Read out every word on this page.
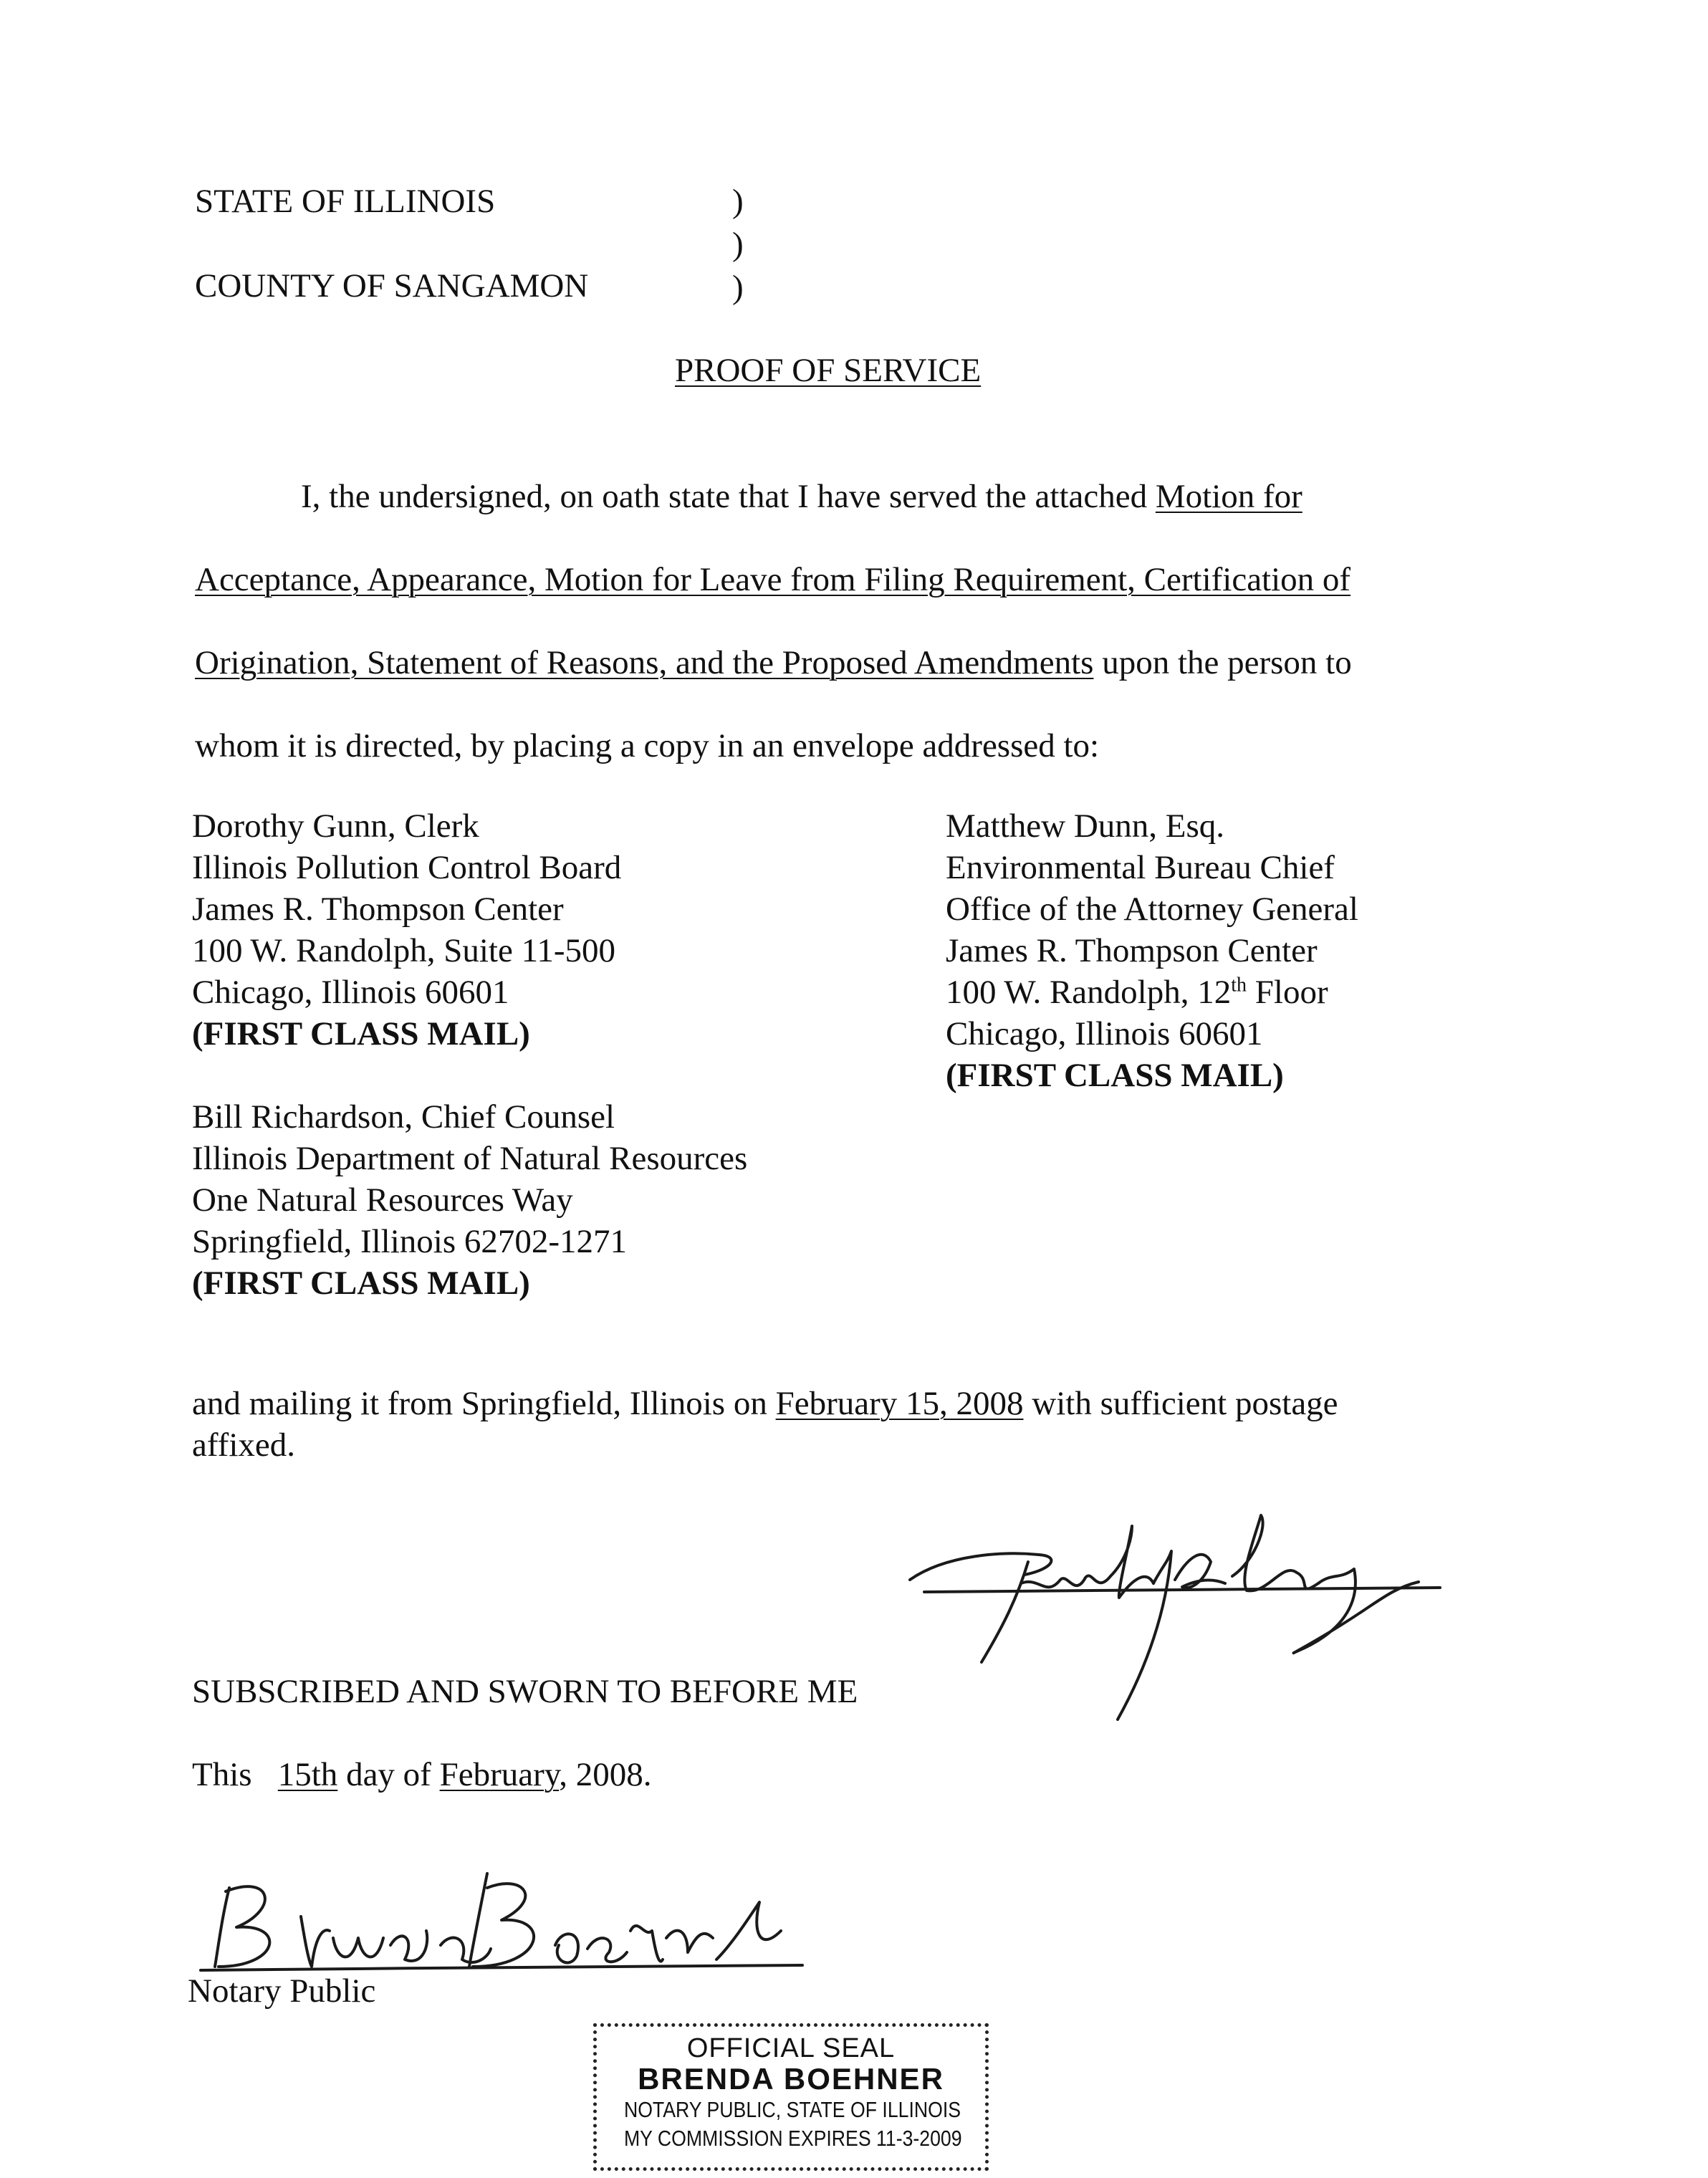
STATE OF ILLINOIS
COUNTY OF SANGAMON
)
)
)
PROOF OF SERVICE
I, the undersigned, on oath state that I have served the attached Motion for
Acceptance, Appearance, Motion for Leave from Filing Requirement, Certification of
Origination, Statement of Reasons, and the Proposed Amendments upon the person to
whom it is directed, by placing a copy in an envelope addressed to:
Dorothy Gunn, Clerk
Illinois Pollution Control Board
James R. Thompson Center
100 W. Randolph, Suite 11-500
Chicago, Illinois 60601
(FIRST CLASS MAIL)
Matthew Dunn, Esq.
Environmental Bureau Chief
Office of the Attorney General
James R. Thompson Center
100 W. Randolph, 12th Floor
Chicago, Illinois 60601
(FIRST CLASS MAIL)
Bill Richardson, Chief Counsel
Illinois Department of Natural Resources
One Natural Resources Way
Springfield, Illinois 62702-1271
(FIRST CLASS MAIL)
and mailing it from Springfield, Illinois on February 15, 2008 with sufficient postage
affixed.
SUBSCRIBED AND SWORN TO BEFORE ME
This 15th day of February, 2008.
Notary Public
OFFICIAL SEAL
BRENDA BOEHNER
NOTARY PUBLIC, STATE OF ILLINOIS
MY COMMISSION EXPIRES 11-3-2009
